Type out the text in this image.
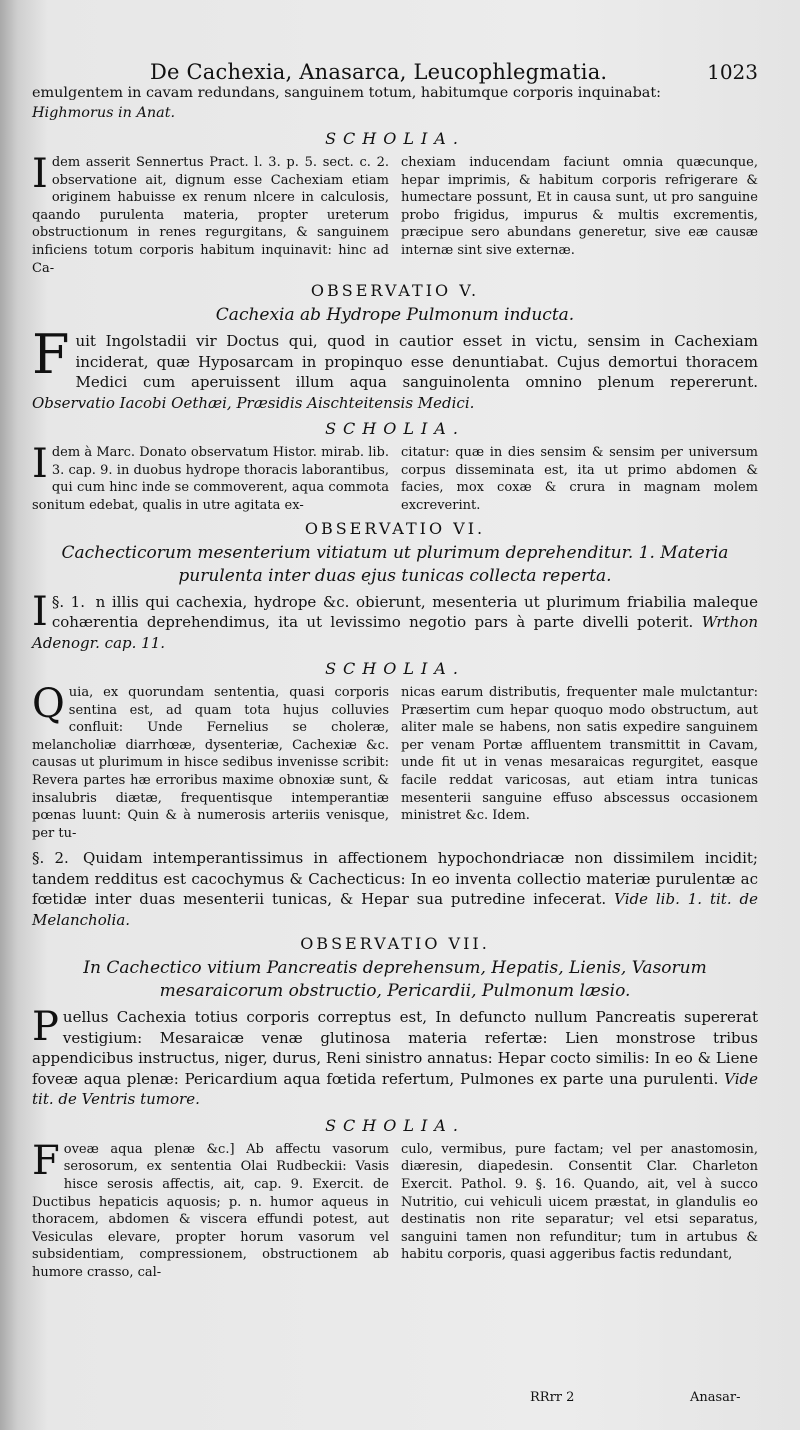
De Cachexia, Anasarca, Leucophlegmatia.	1023

emulgentem in cavam redundans, sanguinem totum, habitumque corporis inquinabat:
Highmorus in Anat.

SCHOLIA.
I dem asserit Sennertus Pract. l. 3. p. 5. sect. c. 2. observatione ait, dignum esse Cachexiam etiam originem habuisse ex renum nlcere in calculosis, qaando purulenta materia, propter ureterum obstructionum in renes regurgitans, & sanguinem inficiens totum corporis habitum inquinavit: hinc ad Ca-
chexiam inducendam faciunt omnia quæcunque, hepar imprimis, & habitum corporis refrigerare & humectare possunt, Et in causa sunt, ut pro sanguine probo frigidus, impurus & multis excrementis, præcipue sero abundans generetur, sive eæ causæ internæ sint sive externæ.
OBSERVATIO V.
Cachexia ab Hydrope Pulmonum inducta.
F uit Ingolstadii vir Doctus qui, quod in cautior esset in victu, sensim in Cachexiam inciderat, quæ Hyposarcam in propinquo esse denuntiabat. Cujus demortui thoracem Medici cum aperuissent illum aqua sanguinolenta omnino plenum repererunt. Observatio Iacobi Oethæi, Præsidis Aischteitensis Medici.
SCHOLIA.
I dem à Marc. Donato observatum Histor. mirab. lib. 3. cap. 9. in duobus hydrope thoracis laborantibus, qui cum hinc inde se commoverent, aqua commota sonitum edebat, qualis in utre agitata ex-
citatur: quæ in dies sensim & sensim per universum corpus disseminata est, ita ut primo abdomen & facies, mox coxæ & crura in magnam molem excreverint.
OBSERVATIO VI.
Cachecticorum mesenterium vitiatum ut plurimum deprehenditur. 1. Materia purulenta inter duas ejus tunicas collecta reperta.
§. 1.
I	n illis qui cachexia, hydrope &c. obierunt, mesenteria ut plurimum friabilia maleque cohærentia deprehendimus, ita ut levissimo negotio pars à parte divelli poterit. Wrthon Adenogr. cap. 11.
SCHOLIA.
Q uia, ex quorundam sententia, quasi corporis sentina est, ad quam tota hujus colluvies confluit: Unde Fernelius se choleræ, melancholiæ diarrhœæ, dysenteriæ, Cachexiæ &c. causas ut plurimum in hisce sedibus invenisse scribit: Revera partes hæ erroribus maxime obnoxiæ sunt, & insalubris diætæ, frequentisque intemperantiæ pœnas luunt: Quin & à numerosis arteriis venisque, per tu-
nicas earum distributis, frequenter male mulctantur: Præsertim cum hepar quoquo modo obstructum, aut aliter male se habens, non satis expedire sanguinem per venam Portæ affluentem transmittit in Cavam, unde fit ut in venas mesaraicas regurgitet, easque facile reddat varicosas, aut etiam intra tunicas mesenterii sanguine effuso abscessus occasionem ministret &c. Idem.
§. 2. Quidam intemperantissimus in affectionem hypochondriacæ non dissimilem incidit; tandem redditus est cacochymus & Cachecticus: In eo inventa collectio materiæ purulentæ ac fœtidæ inter duas mesenterii tunicas, & Hepar sua putredine infecerat. Vide lib. 1. tit. de Melancholia.
OBSERVATIO VII.
In Cachectico vitium Pancreatis deprehensum, Hepatis, Lienis, Vasorum mesaraicorum obstructio, Pericardii, Pulmonum læsio.
P uellus Cachexia totius corporis correptus est, In defuncto nullum Pancreatis supererat vestigium: Mesaraicæ venæ glutinosa materia refertæ: Lien monstrose tribus appendicibus instructus, niger, durus, Reni sinistro annatus: Hepar cocto similis: In eo & Liene foveæ aqua plenæ: Pericardium aqua fœtida refertum, Pulmones ex parte una purulenti. Vide tit. de Ventris tumore.
SCHOLIA.
F oveæ aqua plenæ &c.] Ab affectu vasorum serosorum, ex sententia Olai Rudbeckii: Vasis hisce serosis affectis, ait, cap. 9. Exercit. de Ductibus hepaticis aquosis; p. n. humor aqueus in thoracem, abdomen & viscera effundi potest, aut Vesiculas elevare, propter horum vasorum vel subsidentiam, compressionem, obstructionem ab humore crasso, cal-
culo, vermibus, pure factam; vel per anastomosin, diæresin, diapedesin. Consentit Clar. Charleton Exercit. Pathol. 9. §. 16. Quando, ait, vel à succo Nutritio, cui vehiculi uicem præstat, in glandulis eo destinatis non rite separatur; vel etsi separatus, sanguini tamen non refunditur; tum in artubus & habitu corporis, quasi aggeribus factis redundant,
RRrr 2	Anasar-
